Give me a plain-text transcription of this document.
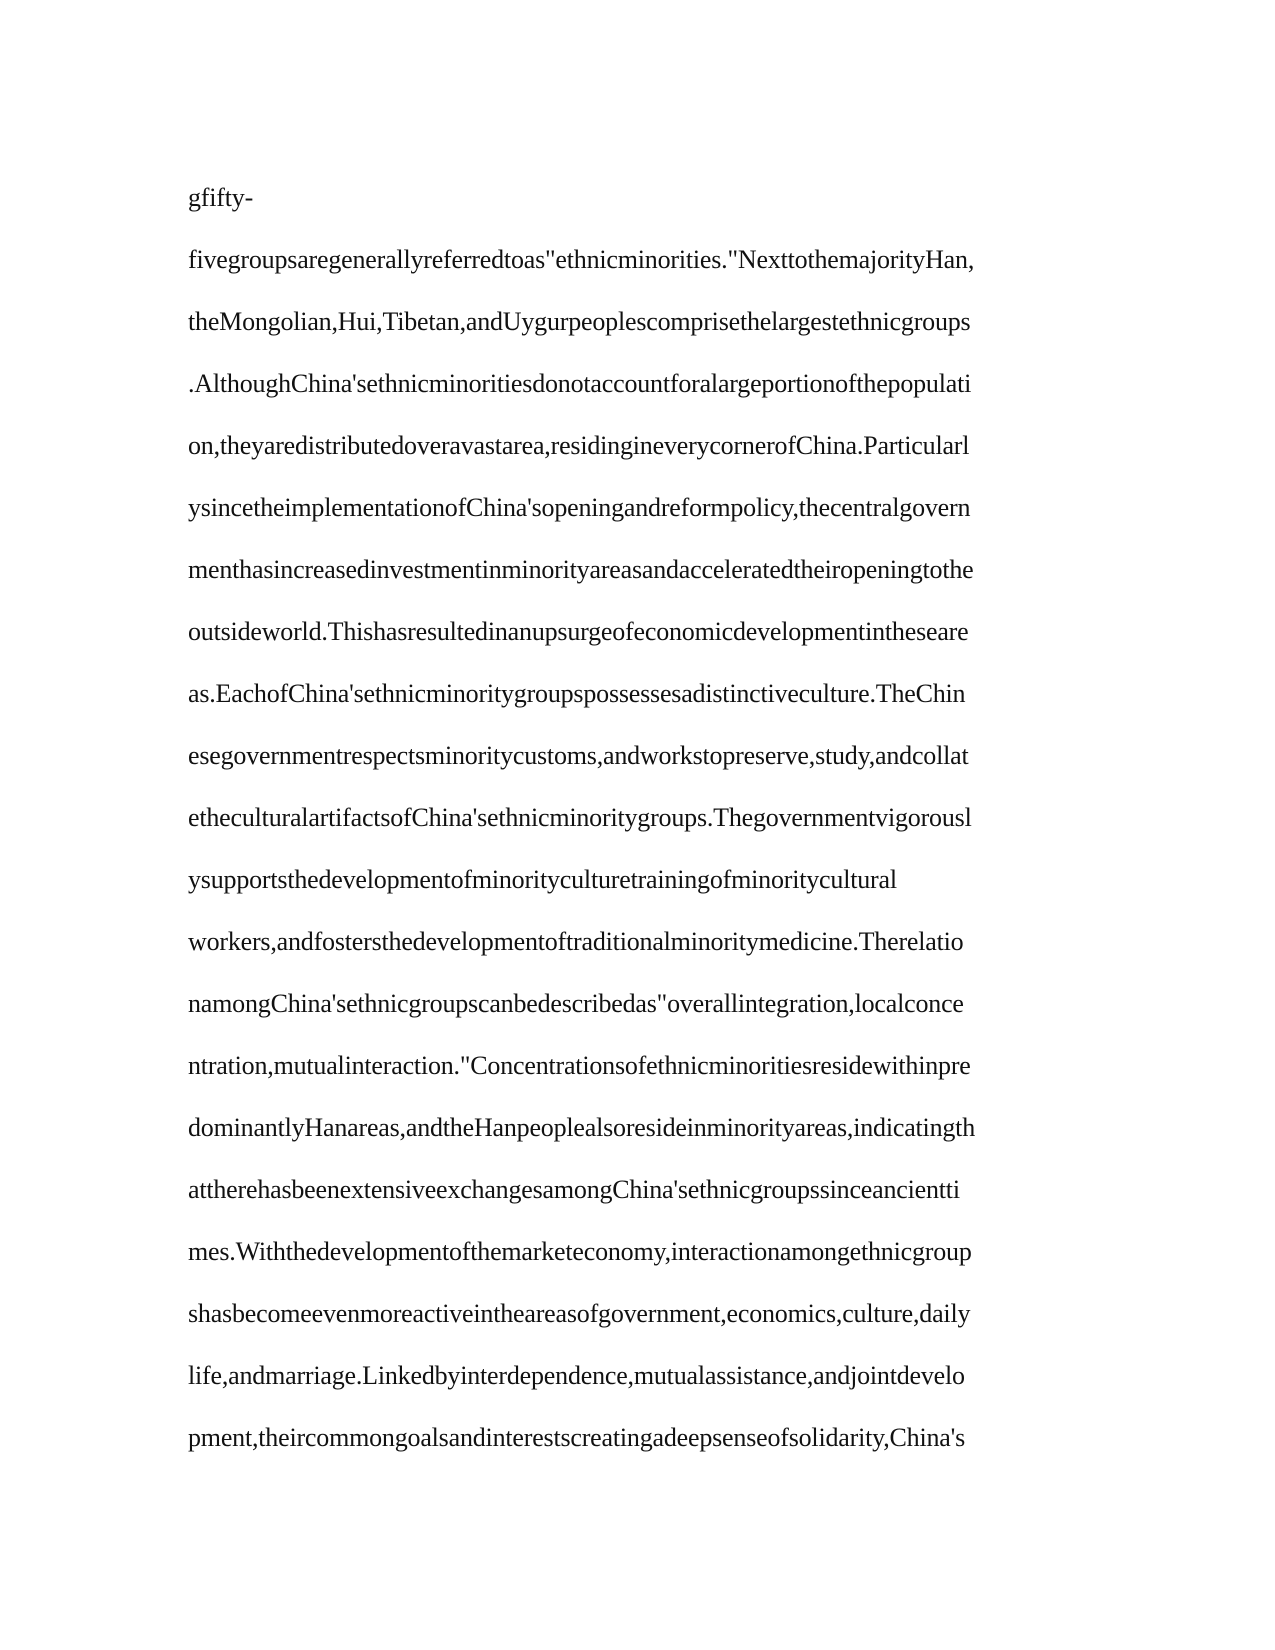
gfifty-
fivegroupsaregenerallyreferredtoas"ethnicminorities."NexttothemajorityHan,
theMongolian,Hui,Tibetan,andUygurpeoplescomprisethelargestethnicgroups
.AlthoughChina'sethnicminoritiesdonotaccountforalargeportionofthepopulati
on,theyaredistributedoveravastarea,residingineverycornerofChina.Particularl
ysincetheimplementationofChina'sopeningandreformpolicy,thecentralgovern
menthasincreasedinvestmentinminorityareasandacceleratedtheiropeningtothe
outsideworld.Thishasresultedinanupsurgeofeconomicdevelopmentintheseare
as.EachofChina'sethnicminoritygroupspossessesadistinctiveculture.TheChin
esegovernmentrespectsminoritycustoms,andworkstopreserve,study,andcollat
etheculturalartifactsofChina'sethnicminoritygroups.Thegovernmentvigorousl
ysupportsthedevelopmentofminorityculturetrainingofminoritycultural
workers,andfostersthedevelopmentoftraditionalminoritymedicine.Therelatio
namongChina'sethnicgroupscanbedescribedas"overallintegration,localconce
ntration,mutualinteraction."Concentrationsofethnicminoritiesresidewithinpre
dominantlyHanareas,andtheHanpeoplealsoresideinminorityareas,indicatingth
attherehasbeenextensiveexchangesamongChina'sethnicgroupssinceancientti
mes.Withthedevelopmentofthemarketeconomy,interactionamongethnicgroup
shasbecomeevenmoreactiveintheareasofgovernment,economics,culture,daily
life,andmarriage.Linkedbyinterdependence,mutualassistance,andjointdevelo
pment,theircommongoalsandinterestscreatingadeepsenseofsolidarity,China's
